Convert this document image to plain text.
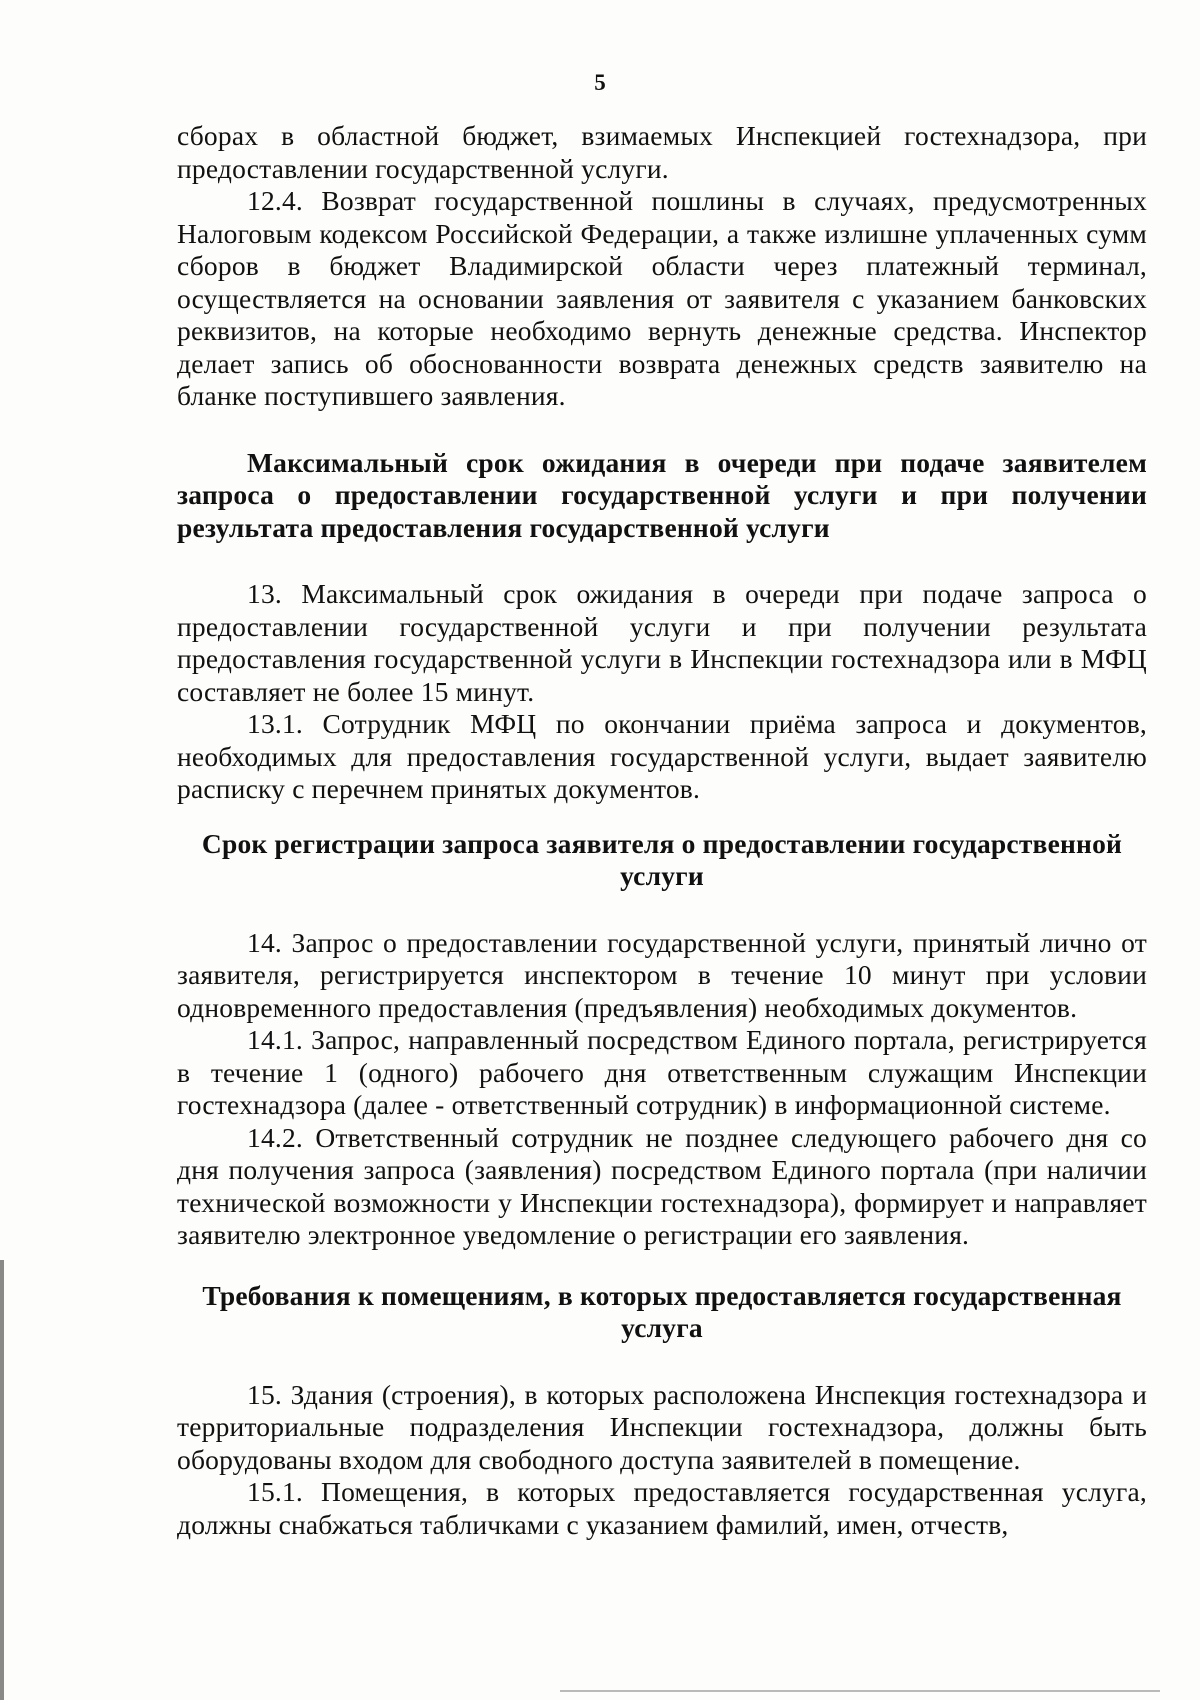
5

сборах в областной бюджет, взимаемых Инспекцией гостехнадзора, при предоставлении государственной услуги.

12.4. Возврат государственной пошлины в случаях, предусмотренных Налоговым кодексом Российской Федерации, а также излишне уплаченных сумм сборов в бюджет Владимирской области через платежный терминал, осуществляется на основании заявления от заявителя с указанием банковских реквизитов, на которые необходимо вернуть денежные средства. Инспектор делает запись об обоснованности возврата денежных средств заявителю на бланке поступившего заявления.

Максимальный срок ожидания в очереди при подаче заявителем запроса о предоставлении государственной услуги и при получении результата предоставления государственной услуги

13. Максимальный срок ожидания в очереди при подаче запроса о предоставлении государственной услуги и при получении результата предоставления государственной услуги в Инспекции гостехнадзора или в МФЦ составляет не более 15 минут.

13.1. Сотрудник МФЦ по окончании приёма запроса и документов, необходимых для предоставления государственной услуги, выдает заявителю расписку с перечнем принятых документов.

Срок регистрации запроса заявителя о предоставлении государственной услуги

14. Запрос о предоставлении государственной услуги, принятый лично от заявителя, регистрируется инспектором в течение 10 минут при условии одновременного предоставления (предъявления) необходимых документов.

14.1. Запрос, направленный посредством Единого портала, регистрируется в течение 1 (одного) рабочего дня ответственным служащим Инспекции гостехнадзора (далее - ответственный сотрудник) в информационной системе.

14.2. Ответственный сотрудник не позднее следующего рабочего дня со дня получения запроса (заявления) посредством Единого портала (при наличии технической возможности у Инспекции гостехнадзора), формирует и направляет заявителю электронное уведомление о регистрации его заявления.

Требования к помещениям, в которых предоставляется государственная услуга

15. Здания (строения), в которых расположена Инспекция гостехнадзора и территориальные подразделения Инспекции гостехнадзора, должны быть оборудованы входом для свободного доступа заявителей в помещение.

15.1. Помещения, в которых предоставляется государственная услуга, должны снабжаться табличками с указанием фамилий, имен, отчеств,
